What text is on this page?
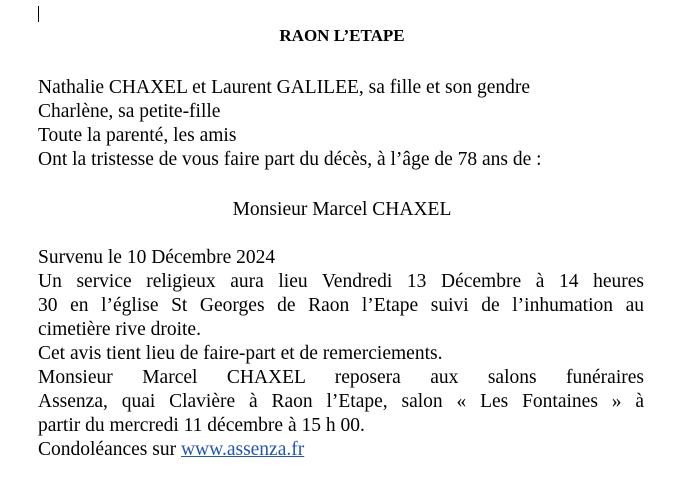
RAON L’ETAPE
Nathalie CHAXEL et Laurent GALILEE, sa fille et son gendre
Charlène, sa petite-fille
Toute la parenté, les amis
Ont la tristesse de vous faire part du décès, à l’âge de 78 ans de :
Monsieur Marcel CHAXEL
Survenu le 10 Décembre 2024
Un service religieux aura lieu Vendredi 13 Décembre à 14 heures
30 en l’église St Georges de Raon l’Etape suivi de l’inhumation au
cimetière rive droite.
Cet avis tient lieu de faire-part et de remerciements.
Monsieur Marcel CHAXEL reposera aux salons funéraires
Assenza, quai Clavière à Raon l’Etape, salon « Les Fontaines » à
partir du mercredi 11 décembre à 15 h 00.
Condoléances sur www.assenza.fr
